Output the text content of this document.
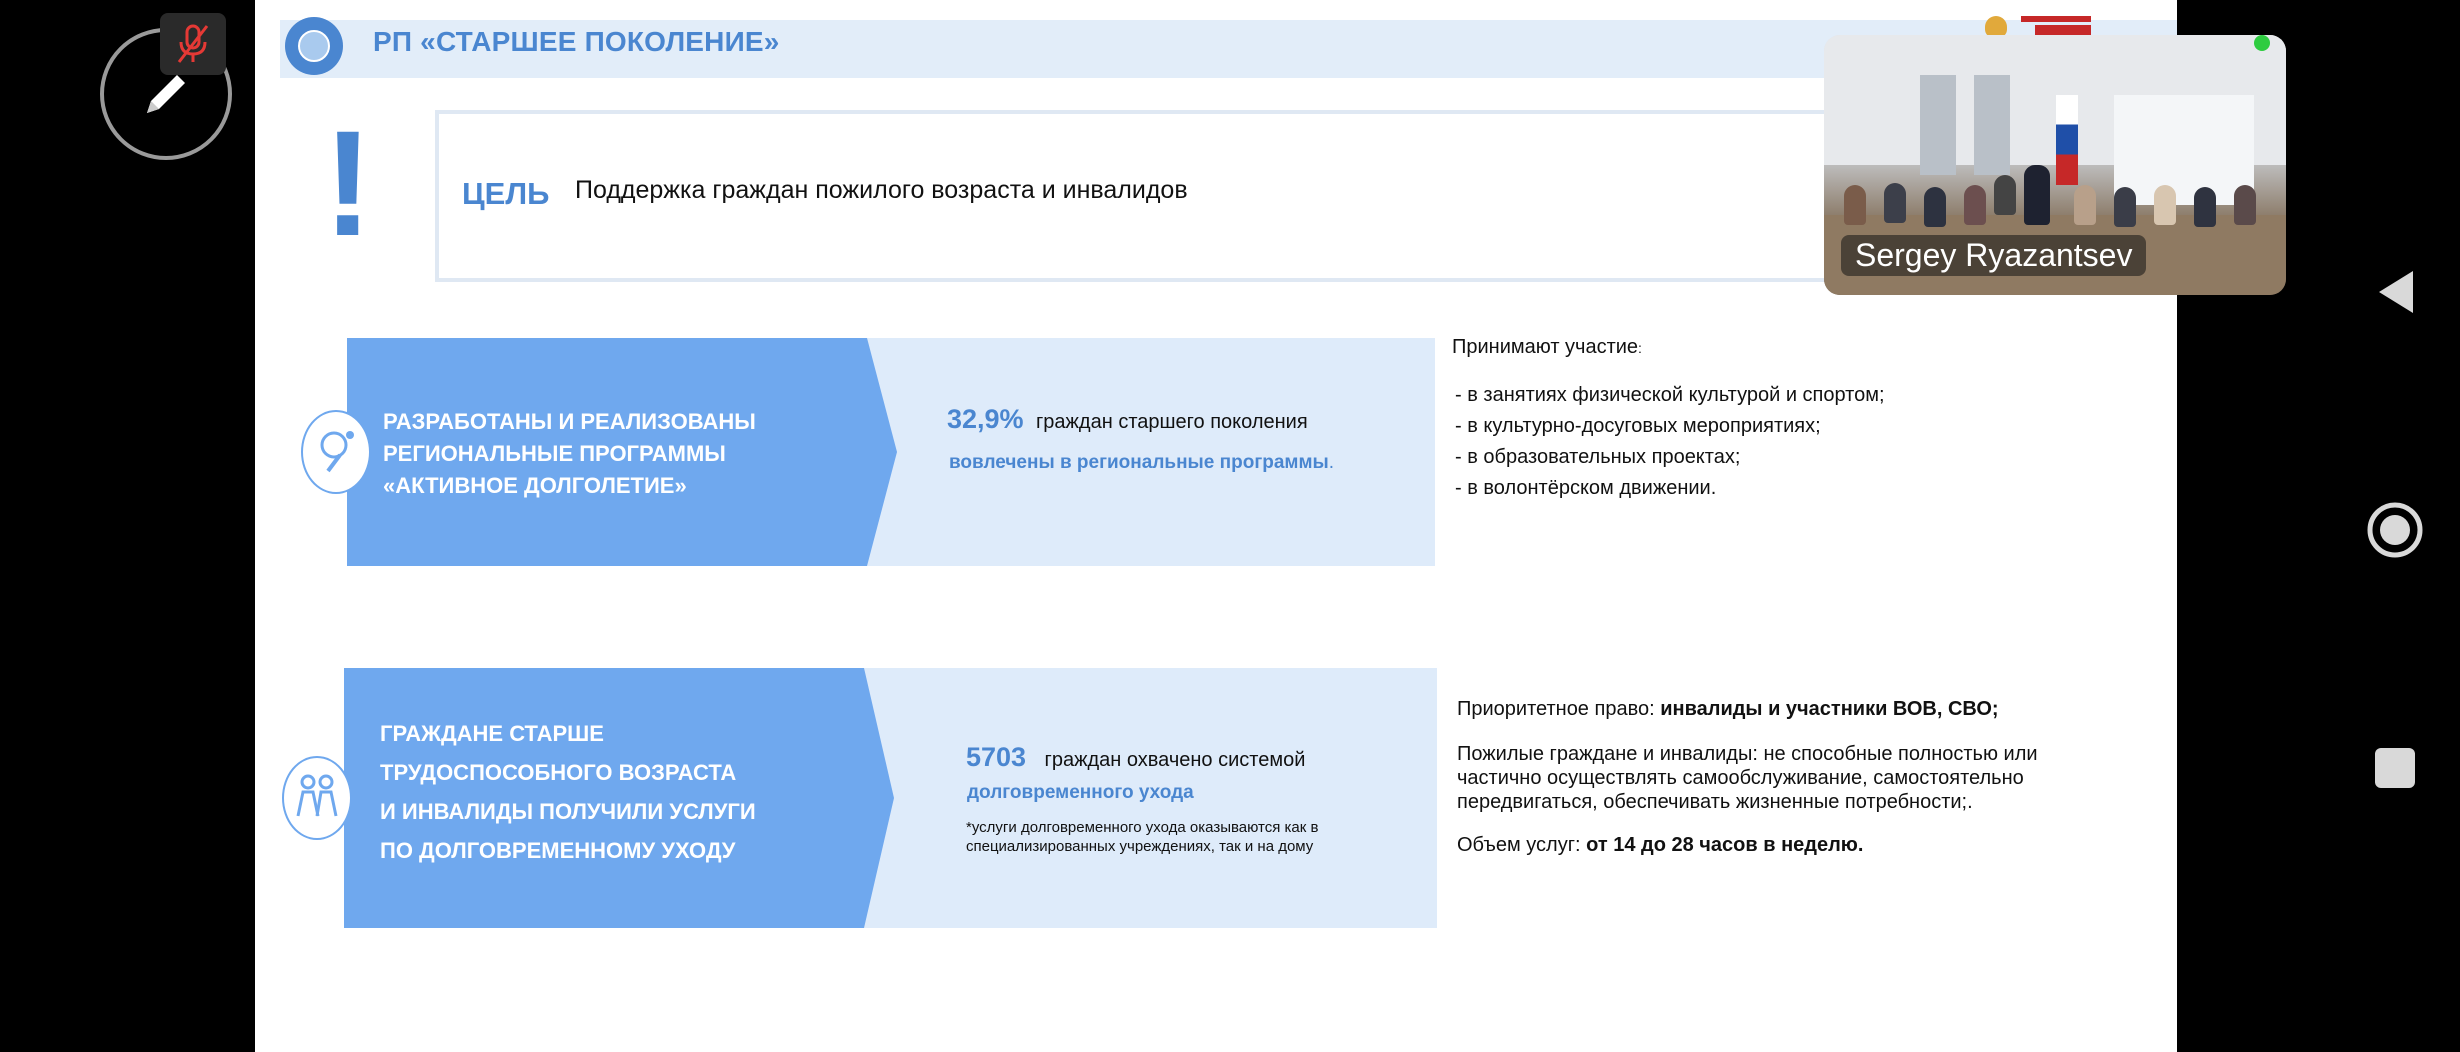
РП «СТАРШЕЕ ПОКОЛЕНИЕ»
!	ЦЕЛЬ Поддержка граждан пожилого возраста и инвалидов
РАЗРАБОТАНЫ И РЕАЛИЗОВАНЫ
РЕГИОНАЛЬНЫЕ ПРОГРАММЫ
«АКТИВНОЕ ДОЛГОЛЕТИЕ»
32,9% граждан старшего поколения
вовлечены в региональные программы.
Принимают участие:
- в занятиях физической культурой и спортом;
- в культурно-досуговых мероприятиях;
- в образовательных проектах;
- в волонтёрском движении.
ГРАЖДАНЕ СТАРШЕ
ТРУДОСПОСОБНОГО ВОЗРАСТА
И ИНВАЛИДЫ ПОЛУЧИЛИ УСЛУГИ
ПО ДОЛГОВРЕМЕННОМУ УХОДУ
5703 граждан охвачено системой
долговременного ухода
*услуги долговременного ухода оказываются как в специализированных учреждениях, так и на дому
Приоритетное право: инвалиды и участники ВОВ, СВО;
Пожилые граждане и инвалиды: не способные полностью или частично осуществлять самообслуживание, самостоятельно передвигаться, обеспечивать жизненные потребности;.
Объем услуг: от 14 до 28 часов в неделю.
Sergey Ryazantsev
